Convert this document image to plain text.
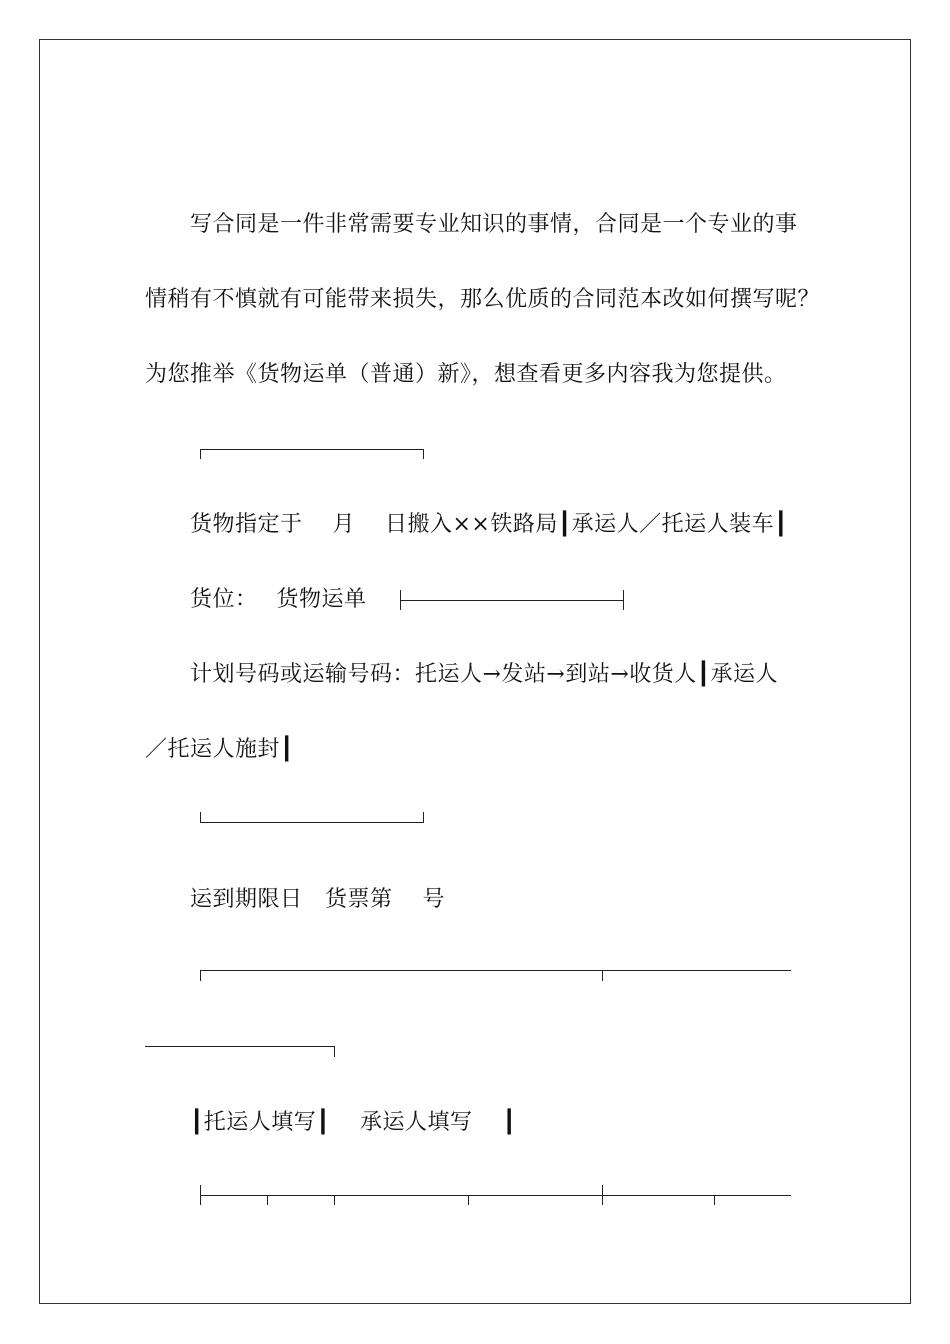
写合同是一件非常需要专业知识的事情，合同是一个专业的事
情稍有不慎就有可能带来损失，那么优质的合同范本改如何撰写呢？
为您推举《货物运单（普通）新》，想查看更多内容我为您提供。
货物指定于　 月　 日搬入××铁路局┃承运人／托运人装车┃
货位：　 货物运单
计划号码或运输号码：托运人→发站→到站→收货人┃承运人
／托运人施封┃
运到期限日　货票第　 号
┃托运人填写┃　 承运人填写　 ┃
